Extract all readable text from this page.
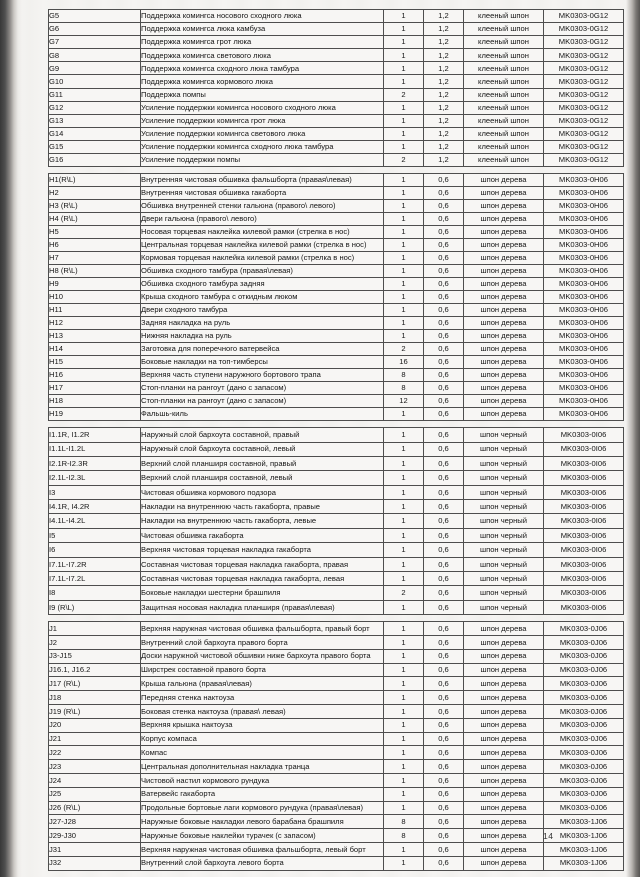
G5	Поддержка комингса носового сходного люка	1	1,2	клееный шпон	MK0303-0G12
G6	Поддержка комингса люка камбуза	1	1,2	клееный шпон	MK0303-0G12
G7	Поддержка комингса грот люка	1	1,2	клееный шпон	MK0303-0G12
G8	Поддержка комингса светового люка	1	1,2	клееный шпон	MK0303-0G12
G9	Поддержка комингса сходного люка тамбура	1	1,2	клееный шпон	MK0303-0G12
G10	Поддержка комингса кормового люка	1	1,2	клееный шпон	MK0303-0G12
G11	Поддержка помпы	2	1,2	клееный шпон	MK0303-0G12
G12	Усиление поддержки комингса носового сходного люка	1	1,2	клееный шпон	MK0303-0G12
G13	Усиление поддержки комингса грот люка	1	1,2	клееный шпон	MK0303-0G12
G14	Усиление поддержки комингса светового люка	1	1,2	клееный шпон	MK0303-0G12
G15	Усиление поддержки комингса сходного люка тамбура	1	1,2	клееный шпон	MK0303-0G12
G16	Усиление поддержки помпы	2	1,2	клееный шпон	MK0303-0G12
H1(R\L)	Внутренняя чистовая обшивка фальшборта (правая\левая)	1	0,6	шпон дерева	MK0303-0H06
H2	Внутренняя чистовая обшивка гакаборта	1	0,6	шпон дерева	MK0303-0H06
H3 (R\L)	Обшивка внутренней стенки гальюна (правого\ левого)	1	0,6	шпон дерева	MK0303-0H06
H4 (R\L)	Двери гальюна (правого\ левого)	1	0,6	шпон дерева	MK0303-0H06
H5	Носовая торцевая наклейка килевой рамки (стрелка в нос)	1	0,6	шпон дерева	MK0303-0H06
H6	Центральная торцевая наклейка килевой рамки (стрелка в нос)	1	0,6	шпон дерева	MK0303-0H06
H7	Кормовая торцевая наклейка килевой рамки (стрелка в нос)	1	0,6	шпон дерева	MK0303-0H06
H8 (R\L)	Обшивка сходного тамбура (правая\левая)	1	0,6	шпон дерева	MK0303-0H06
H9	Обшивка сходного тамбура задняя	1	0,6	шпон дерева	MK0303-0H06
H10	Крыша сходного тамбура с откидным люком	1	0,6	шпон дерева	MK0303-0H06
H11	Двери сходного тамбура	1	0,6	шпон дерева	MK0303-0H06
H12	Задняя накладка на руль	1	0,6	шпон дерева	MK0303-0H06
H13	Нижняя накладка на руль	1	0,6	шпон дерева	MK0303-0H06
H14	Заготовка для поперечного ватервейса	2	0,6	шпон дерева	MK0303-0H06
H15	Боковые накладки на топ-тимберсы	16	0,6	шпон дерева	MK0303-0H06
H16	Верхняя часть ступени наружного бортового трапа	8	0,6	шпон дерева	MK0303-0H06
H17	Стоп-планки на рангоут (дано с запасом)	8	0,6	шпон дерева	MK0303-0H06
H18	Стоп-планки на рангоут (дано с запасом)	12	0,6	шпон дерева	MK0303-0H06
H19	Фальшь-киль	1	0,6	шпон дерева	MK0303-0H06
I1.1R, I1.2R	Наружный слой бархоута составной, правый	1	0,6	шпон черный	MK0303-0I06
I1.1L-I1.2L	Наружный слой бархоута составной, левый	1	0,6	шпон черный	MK0303-0I06
I2.1R-I2.3R	Верхний слой планширя составной, правый	1	0,6	шпон черный	MK0303-0I06
I2.1L-I2.3L	Верхний слой планширя составной, левый	1	0,6	шпон черный	MK0303-0I06
I3	Чистовая обшивка кормового подзора	1	0,6	шпон черный	MK0303-0I06
I4.1R, I4.2R	Накладки на внутреннюю часть гакаборта, правые	1	0,6	шпон черный	MK0303-0I06
I4.1L-I4.2L	Накладки на внутреннюю часть гакаборта, левые	1	0,6	шпон черный	MK0303-0I06
I5	Чистовая обшивка гакаборта	1	0,6	шпон черный	MK0303-0I06
I6	Верхняя чистовая торцевая накладка гакаборта	1	0,6	шпон черный	MK0303-0I06
I7.1L-I7.2R	Составная чистовая торцевая накладка гакаборта, правая	1	0,6	шпон черный	MK0303-0I06
I7.1L-I7.2L	Составная чистовая торцевая накладка гакаборта, левая	1	0,6	шпон черный	MK0303-0I06
I8	Боковые накладки шестерни брашпиля	2	0,6	шпон черный	MK0303-0I06
I9 (R\L)	Защитная носовая накладка планширя (правая\левая)	1	0,6	шпон черный	MK0303-0I06
J1	Верхняя наружная чистовая обшивка фальшборта, правый борт	1	0,6	шпон дерева	MK0303-0J06
J2	Внутренний слой бархоута правого борта	1	0,6	шпон дерева	MK0303-0J06
J3-J15	Доски наружной чистовой обшивки ниже бархоута правого борта	1	0,6	шпон дерева	MK0303-0J06
J16.1, J16.2	Ширстрек составной правого борта	1	0,6	шпон дерева	MK0303-0J06
J17 (R\L)	Крыша гальюна (правая\левая)	1	0,6	шпон дерева	MK0303-0J06
J18	Передняя стенка нактоуза	1	0,6	шпон дерева	MK0303-0J06
J19 (R\L)	Боковая стенка нактоуза (правая\ левая)	1	0,6	шпон дерева	MK0303-0J06
J20	Верхняя крышка нактоуза	1	0,6	шпон дерева	MK0303-0J06
J21	Корпус компаса	1	0,6	шпон дерева	MK0303-0J06
J22	Компас	1	0,6	шпон дерева	MK0303-0J06
J23	Центральная дополнительная накладка транца	1	0,6	шпон дерева	MK0303-0J06
J24	Чистовой настил кормового рундука	1	0,6	шпон дерева	MK0303-0J06
J25	Ватервейс гакаборта	1	0,6	шпон дерева	MK0303-0J06
J26 (R\L)	Продольные бортовые лаги кормового рундука (правая\левая)	1	0,6	шпон дерева	MK0303-0J06
J27-J28	Наружные боковые накладки левого барабана брашпиля	8	0,6	шпон дерева	MK0303-1J06
J29-J30	Наружные боковые наклейки турачек (с запасом)	8	0,6	шпон дерева	MK0303-1J06
J31	Верхняя наружная чистовая обшивка фальшборта, левый борт	1	0,6	шпон дерева	MK0303-1J06
J32	Внутренний слой бархоута левого борта	1	0,6	шпон дерева	MK0303-1J06
14
